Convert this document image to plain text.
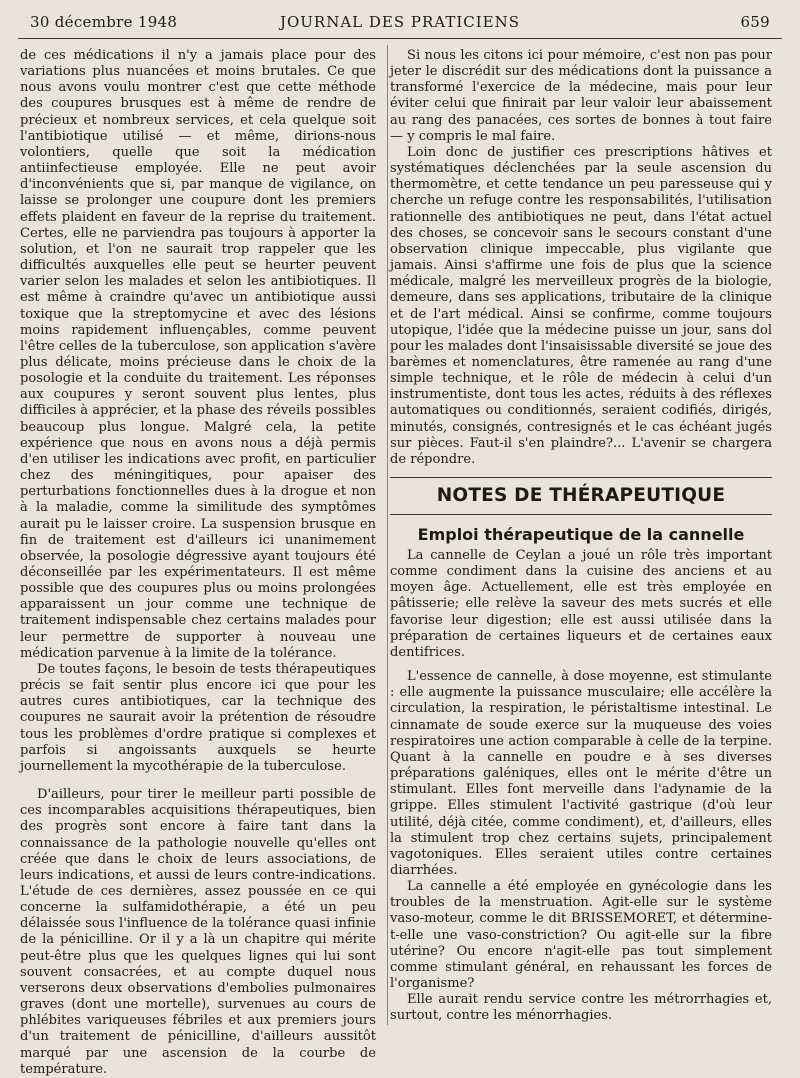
30 décembre 1948	JOURNAL DES PRATICIENS	659

de ces médications il n'y a jamais place pour des variations plus nuancées et moins brutales. Ce que nous avons voulu montrer c'est que cette méthode des coupures brusques est à même de rendre de précieux et nombreux services, et cela quelque soit l'antibiotique utilisé — et même, dirions-nous volontiers, quelle que soit la médication antiinfectieuse employée. Elle ne peut avoir d'inconvénients que si, par manque de vigilance, on laisse se prolonger une coupure dont les premiers effets plaident en faveur de la reprise du traitement. Certes, elle ne parviendra pas toujours à apporter la solution, et l'on ne saurait trop rappeler que les difficultés auxquelles elle peut se heurter peuvent varier selon les malades et selon les antibiotiques. Il est même à craindre qu'avec un antibiotique aussi toxique que la streptomycine et avec des lésions moins rapidement influençables, comme peuvent l'être celles de la tuberculose, son application s'avère plus délicate, moins précieuse dans le choix de la posologie et la conduite du traitement. Les réponses aux coupures y seront souvent plus lentes, plus difficiles à apprécier, et la phase des réveils possibles beaucoup plus longue. Malgré cela, la petite expérience que nous en avons nous a déjà permis d'en utiliser les indications avec profit, en particulier chez des méningitiques, pour apaiser des perturbations fonctionnelles dues à la drogue et non à la maladie, comme la similitude des symptômes aurait pu le laisser croire. La suspension brusque en fin de traitement est d'ailleurs ici unanimement observée, la posologie dégressive ayant toujours été déconseillée par les expérimentateurs. Il est même possible que des coupures plus ou moins prolongées apparaissent un jour comme une technique de traitement indispensable chez certains malades pour leur permettre de supporter à nouveau une médication parvenue à la limite de la tolérance.

De toutes façons, le besoin de tests thérapeutiques précis se fait sentir plus encore ici que pour les autres cures antibiotiques, car la technique des coupures ne saurait avoir la prétention de résoudre tous les problèmes d'ordre pratique si complexes et parfois si angoissants auxquels se heurte journellement la mycothérapie de la tuberculose.

D'ailleurs, pour tirer le meilleur parti possible de ces incomparables acquisitions thérapeutiques, bien des progrès sont encore à faire tant dans la connaissance de la pathologie nouvelle qu'elles ont créée que dans le choix de leurs associations, de leurs indications, et aussi de leurs contre-indications. L'étude de ces dernières, assez poussée en ce qui concerne la sulfamidothérapie, a été un peu délaissée sous l'influence de la tolérance quasi infinie de la pénicilline. Or il y a là un chapitre qui mérite peut-être plus que les quelques lignes qui lui sont souvent consacrées, et au compte duquel nous verserons deux observations d'embolies pulmonaires graves (dont une mortelle), survenues au cours de phlébites variqueuses fébriles et aux premiers jours d'un traitement de pénicilline, d'ailleurs aussitôt marqué par une ascension de la courbe de température.

Si nous les citons ici pour mémoire, c'est non pas pour jeter le discrédit sur des médications dont la puissance a transformé l'exercice de la médecine, mais pour leur éviter celui que finirait par leur valoir leur abaissement au rang des panacées, ces sortes de bonnes à tout faire — y compris le mal faire.

Loin donc de justifier ces prescriptions hâtives et systématiques déclenchées par la seule ascension du thermomètre, et cette tendance un peu paresseuse qui y cherche un refuge contre les responsabilités, l'utilisation rationnelle des antibiotiques ne peut, dans l'état actuel des choses, se concevoir sans le secours constant d'une observation clinique impeccable, plus vigilante que jamais. Ainsi s'affirme une fois de plus que la science médicale, malgré les merveilleux progrès de la biologie, demeure, dans ses applications, tributaire de la clinique et de l'art médical. Ainsi se confirme, comme toujours utopique, l'idée que la médecine puisse un jour, sans dol pour les malades dont l'insaisissable diversité se joue des barèmes et nomenclatures, être ramenée au rang d'une simple technique, et le rôle de médecin à celui d'un instrumentiste, dont tous les actes, réduits à des réflexes automatiques ou conditionnés, seraient codifiés, dirigés, minutés, consignés, contresignés et le cas échéant jugés sur pièces. Faut-il s'en plaindre?... L'avenir se chargera de répondre.

NOTES DE THÉRAPEUTIQUE
Emploi thérapeutique de la cannelle

La cannelle de Ceylan a joué un rôle très important comme condiment dans la cuisine des anciens et au moyen âge. Actuellement, elle est très employée en pâtisserie; elle relève la saveur des mets sucrés et elle favorise leur digestion; elle est aussi utilisée dans la préparation de certaines liqueurs et de certaines eaux dentifrices.

L'essence de cannelle, à dose moyenne, est stimulante : elle augmente la puissance musculaire; elle accélère la circulation, la respiration, le péristaltisme intestinal. Le cinnamate de soude exerce sur la muqueuse des voies respiratoires une action comparable à celle de la terpine. Quant à la cannelle en poudre e à ses diverses préparations galéniques, elles ont le mérite d'être un stimulant. Elles font merveille dans l'adynamie de la grippe. Elles stimulent l'activité gastrique (d'où leur utilité, déjà citée, comme condiment), et, d'ailleurs, elles la stimulent trop chez certains sujets, principalement vagotoniques. Elles seraient utiles contre certaines diarrhées.

La cannelle a été employée en gynécologie dans les troubles de la menstruation. Agit-elle sur le système vaso-moteur, comme le dit BRISSEMORET, et détermine-t-elle une vaso-constriction? Ou agit-elle sur la fibre utérine? Ou encore n'agit-elle pas tout simplement comme stimulant général, en rehaussant les forces de l'organisme?

Elle aurait rendu service contre les métrorrhagies et, surtout, contre les ménorrhagies.
